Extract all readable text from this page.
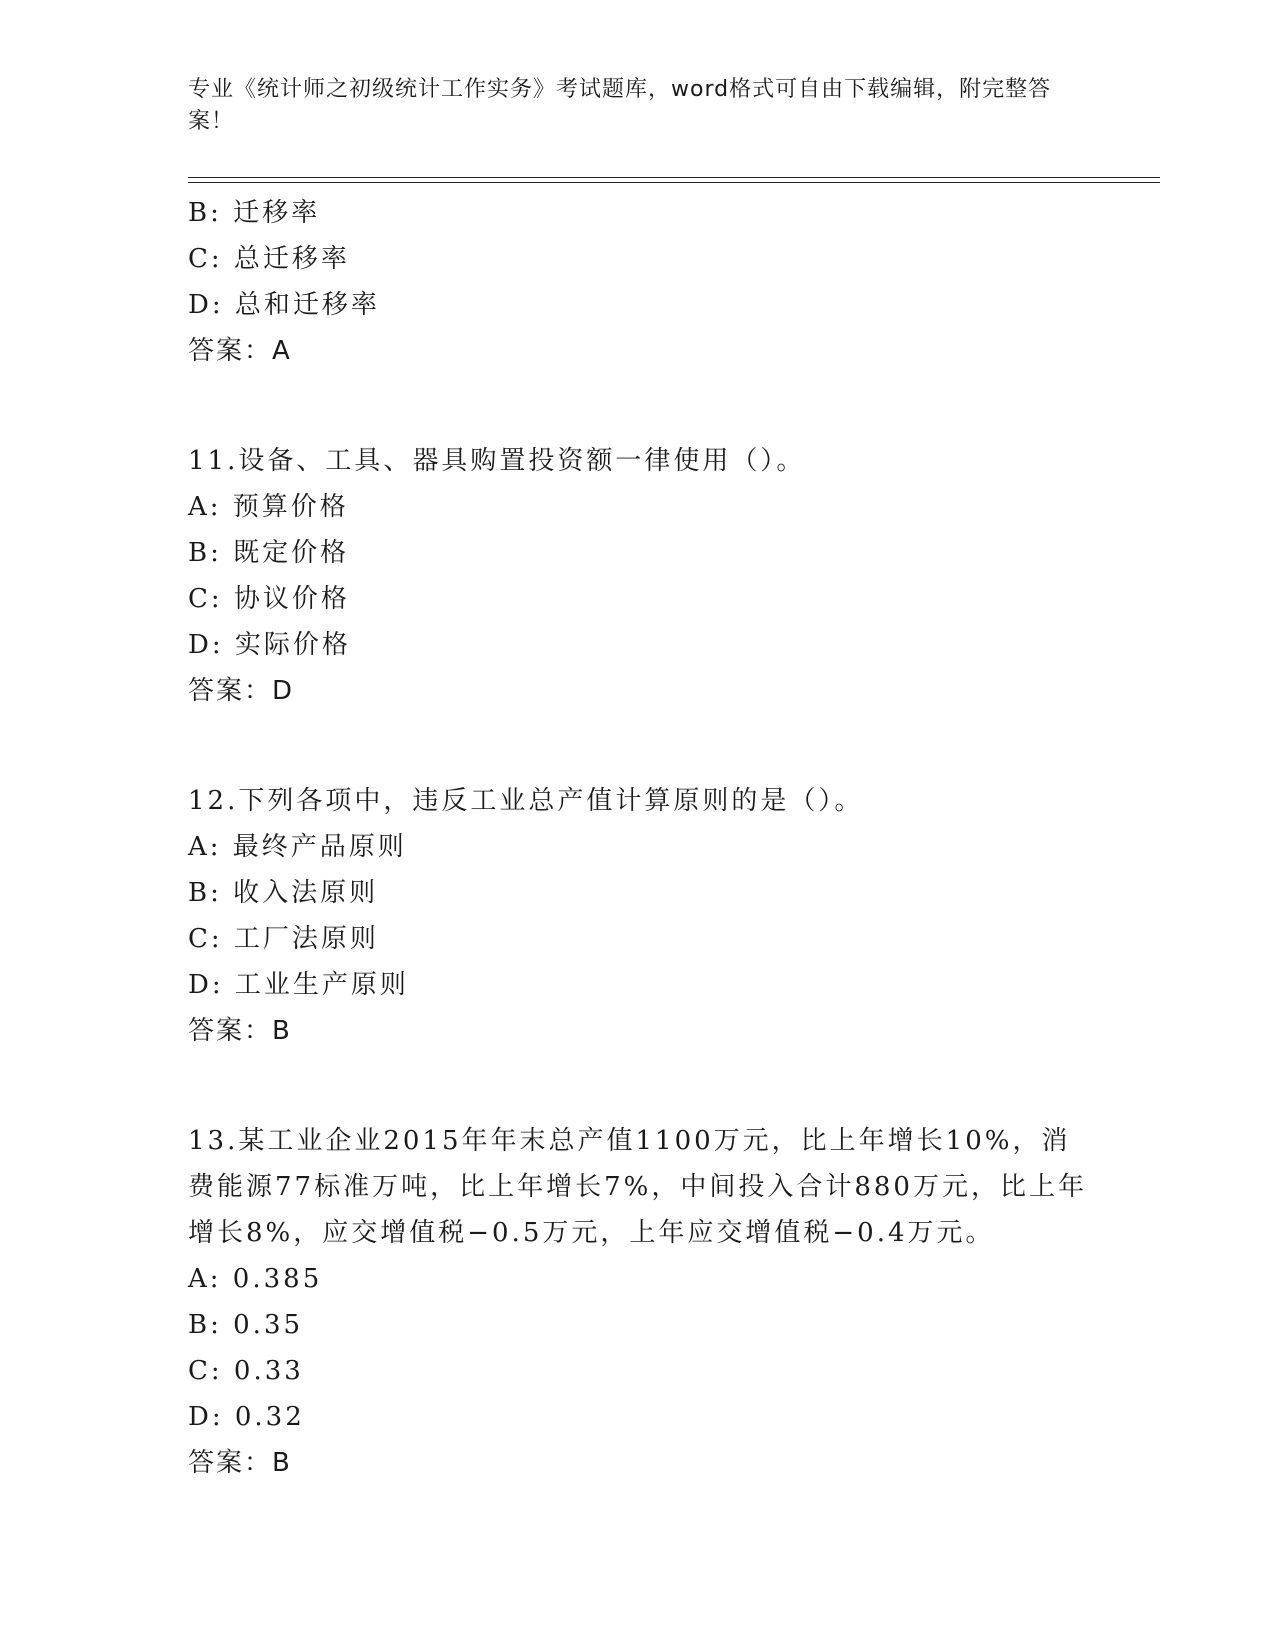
专业《统计师之初级统计工作实务》考试题库，word格式可自由下载编辑，附完整答案！
B: 迁移率
C: 总迁移率
D: 总和迁移率
答案：A
11.设备、工具、器具购置投资额一律使用（）。
A: 预算价格
B: 既定价格
C: 协议价格
D: 实际价格
答案：D
12.下列各项中，违反工业总产值计算原则的是（）。
A: 最终产品原则
B: 收入法原则
C: 工厂法原则
D: 工业生产原则
答案：B
13.某工业企业2015年年末总产值1100万元，比上年增长10%，消费能源77标准万吨，比上年增长7%，中间投入合计880万元，比上年增长8%，应交增值税−0.5万元，上年应交增值税−0.4万元。
A: 0.385
B: 0.35
C: 0.33
D: 0.32
答案：B
